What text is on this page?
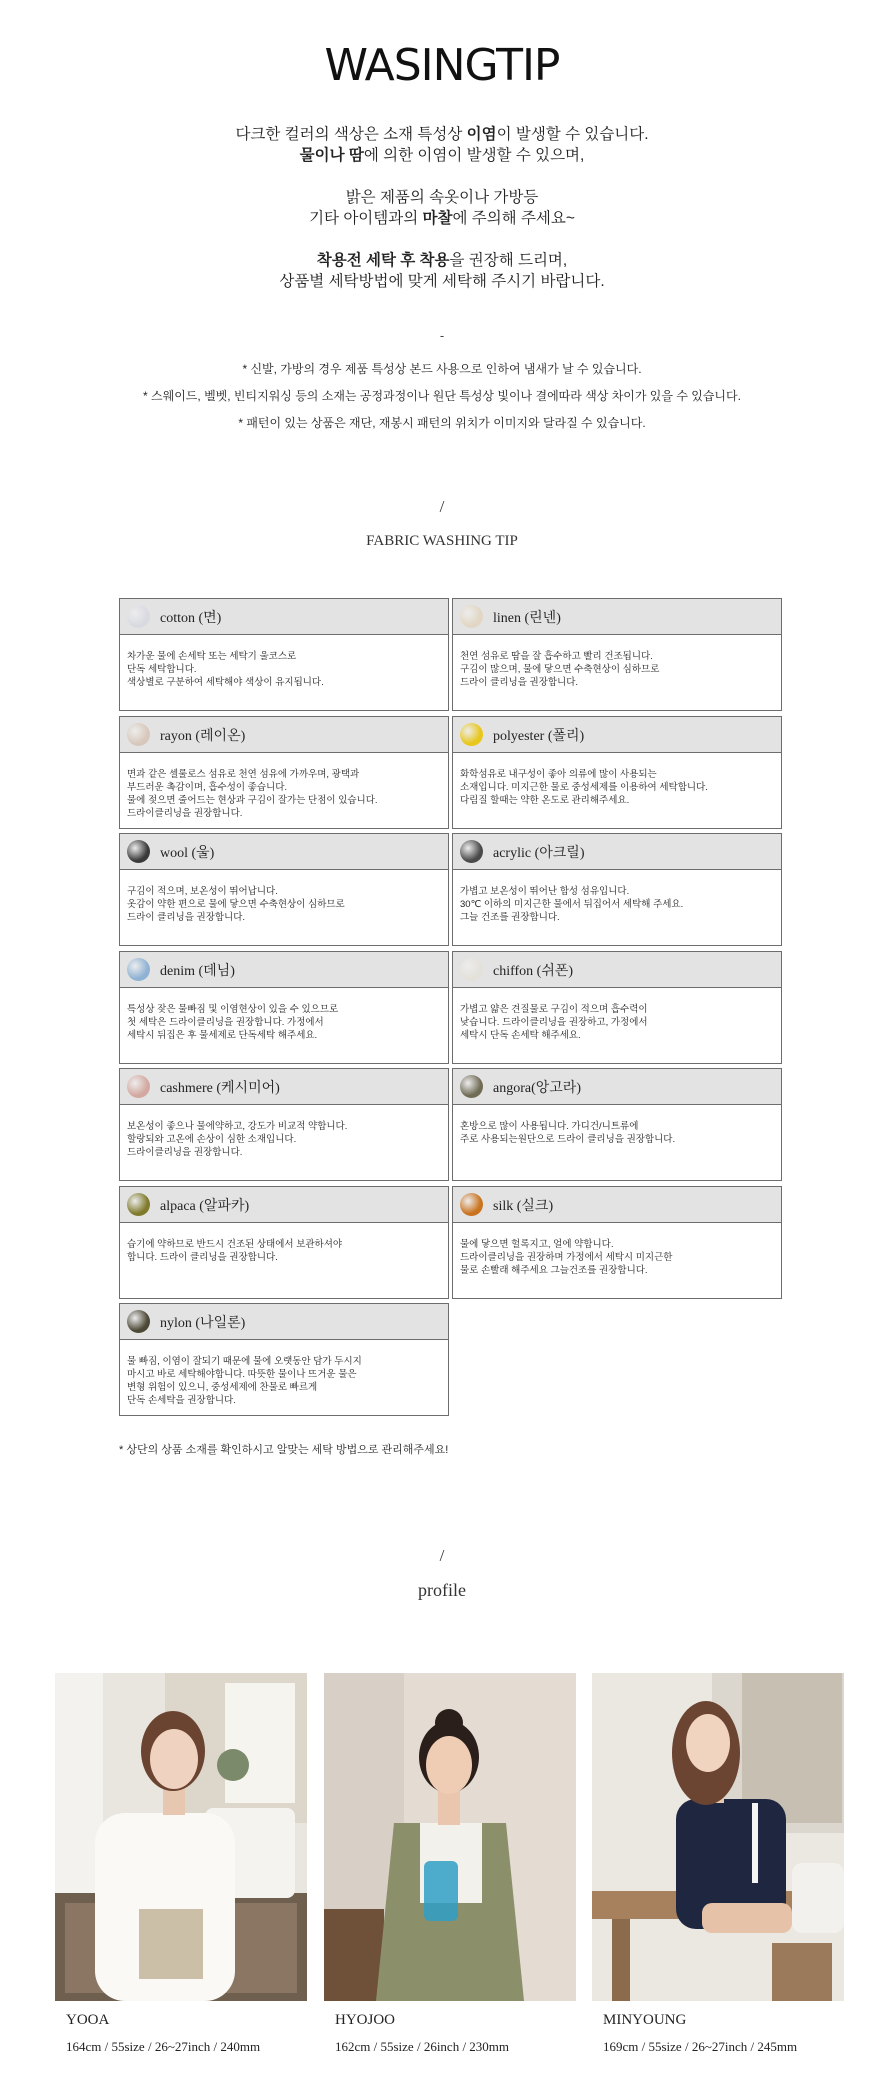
WASINGTIP
다크한 컬러의 색상은 소재 특성상 이염이 발생할 수 있습니다.
물이나 땀에 의한 이염이 발생할 수 있으며,
밝은 제품의 속옷이나 가방등
기타 아이템과의 마찰에 주의해 주세요~
착용전 세탁 후 착용을 권장해 드리며,
상품별 세탁방법에 맞게 세탁해 주시기 바랍니다.
-
* 신발, 가방의 경우 제품 특성상 본드 사용으로 인하여 냄새가 날 수 있습니다.
* 스웨이드, 벨벳, 빈티지워싱 등의 소재는 공정과정이나 원단 특성상 빛이나 결에따라 색상 차이가 있을 수 있습니다.
* 패턴이 있는 상품은 재단, 재봉시 패턴의 위치가 이미지와 달라질 수 있습니다.
/
FABRIC WASHING TIP
cotton (면)
차가운 물에 손세탁 또는 세탁기 울코스로
단독 세탁합니다.
색상별로 구분하여 세탁해야 색상이 유지됩니다.
linen (린넨)
천연 섬유로 땀을 잘 흡수하고 빨리 건조됩니다.
구김이 많으며, 물에 닿으면 수축현상이 심하므로
드라이 클리닝을 권장합니다.
rayon (레이온)
면과 같은 셀룰로스 섬유로 천연 섬유에 가까우며, 광택과
부드러운 촉감이며, 흡수성이 좋습니다.
물에 젖으면 줄어드는 현상과 구김이 잘가는 단점이 있습니다.
드라이클리닝을 권장합니다.
polyester (폴리)
화학섬유로 내구성이 좋아 의류에 많이 사용되는
소재입니다. 미지근한 물로 중성세제를 이용하여 세탁합니다.
다림질 할때는 약한 온도로 관리해주세요.
wool (울)
구김이 적으며, 보온성이 뛰어납니다.
옷감이 약한 편으로 물에 닿으면 수축현상이 심하므로
드라이 클리닝을 권장합니다.
acrylic (아크릴)
가볍고 보온성이 뛰어난 합성 섬유입니다.
30℃ 이하의 미지근한 물에서 뒤집어서 세탁해 주세요.
그늘 건조를 권장합니다.
denim (데님)
특성상 잦은 물빠짐 및 이염현상이 있을 수 있으므로
첫 세탁은 드라이클리닝을 권장합니다. 가정에서
세탁시 뒤집은 후 물세제로 단독세탁 해주세요.
chiffon (쉬폰)
가볍고 얇은 견질물로 구김이 적으며 흡수력이
낮습니다. 드라이클리닝을 권장하고, 가정에서
세탁시 단독 손세탁 해주세요.
cashmere (케시미어)
보온성이 좋으나 물에약하고, 강도가 비교적 약합니다.
할랑되와 고온에 손상이 심한 소재입니다.
드라이클리닝을 권장합니다.
angora(앙고라)
혼방으로 많이 사용됩니다. 가디건/니트류에
주로 사용되는원단으로 드라이 클리닝을 권장합니다.
alpaca (알파카)
습기에 약하므로 반드시 건조된 상태에서 보관하셔야
합니다. 드라이 클리닝을 권장합니다.
silk (실크)
물에 닿으면 헐록지고, 얼에 약합니다.
드라이클리닝을 권장하며 가정에서 세탁시 미지근한
물로 손빨래 해주세요 그늘건조를 권장합니다.
nylon (나일론)
물 빠짐, 이염이 잘되기 때문에 물에 오랫동안 담가 두시지
마시고 바로 세탁해야합니다. 따뜻한 물이나 뜨거운 물은
변형 위험이 있으니, 중성세제에 찬물로 빠르게
단독 손세탁을 권장합니다.
* 상단의 상품 소재를 확인하시고 알맞는 세탁 방법으로 관리해주세요!
/
profile
YOOA
164cm / 55size / 26~27inch / 240mm
HYOJOO
162cm / 55size / 26inch / 230mm
MINYOUNG
169cm / 55size / 26~27inch / 245mm
